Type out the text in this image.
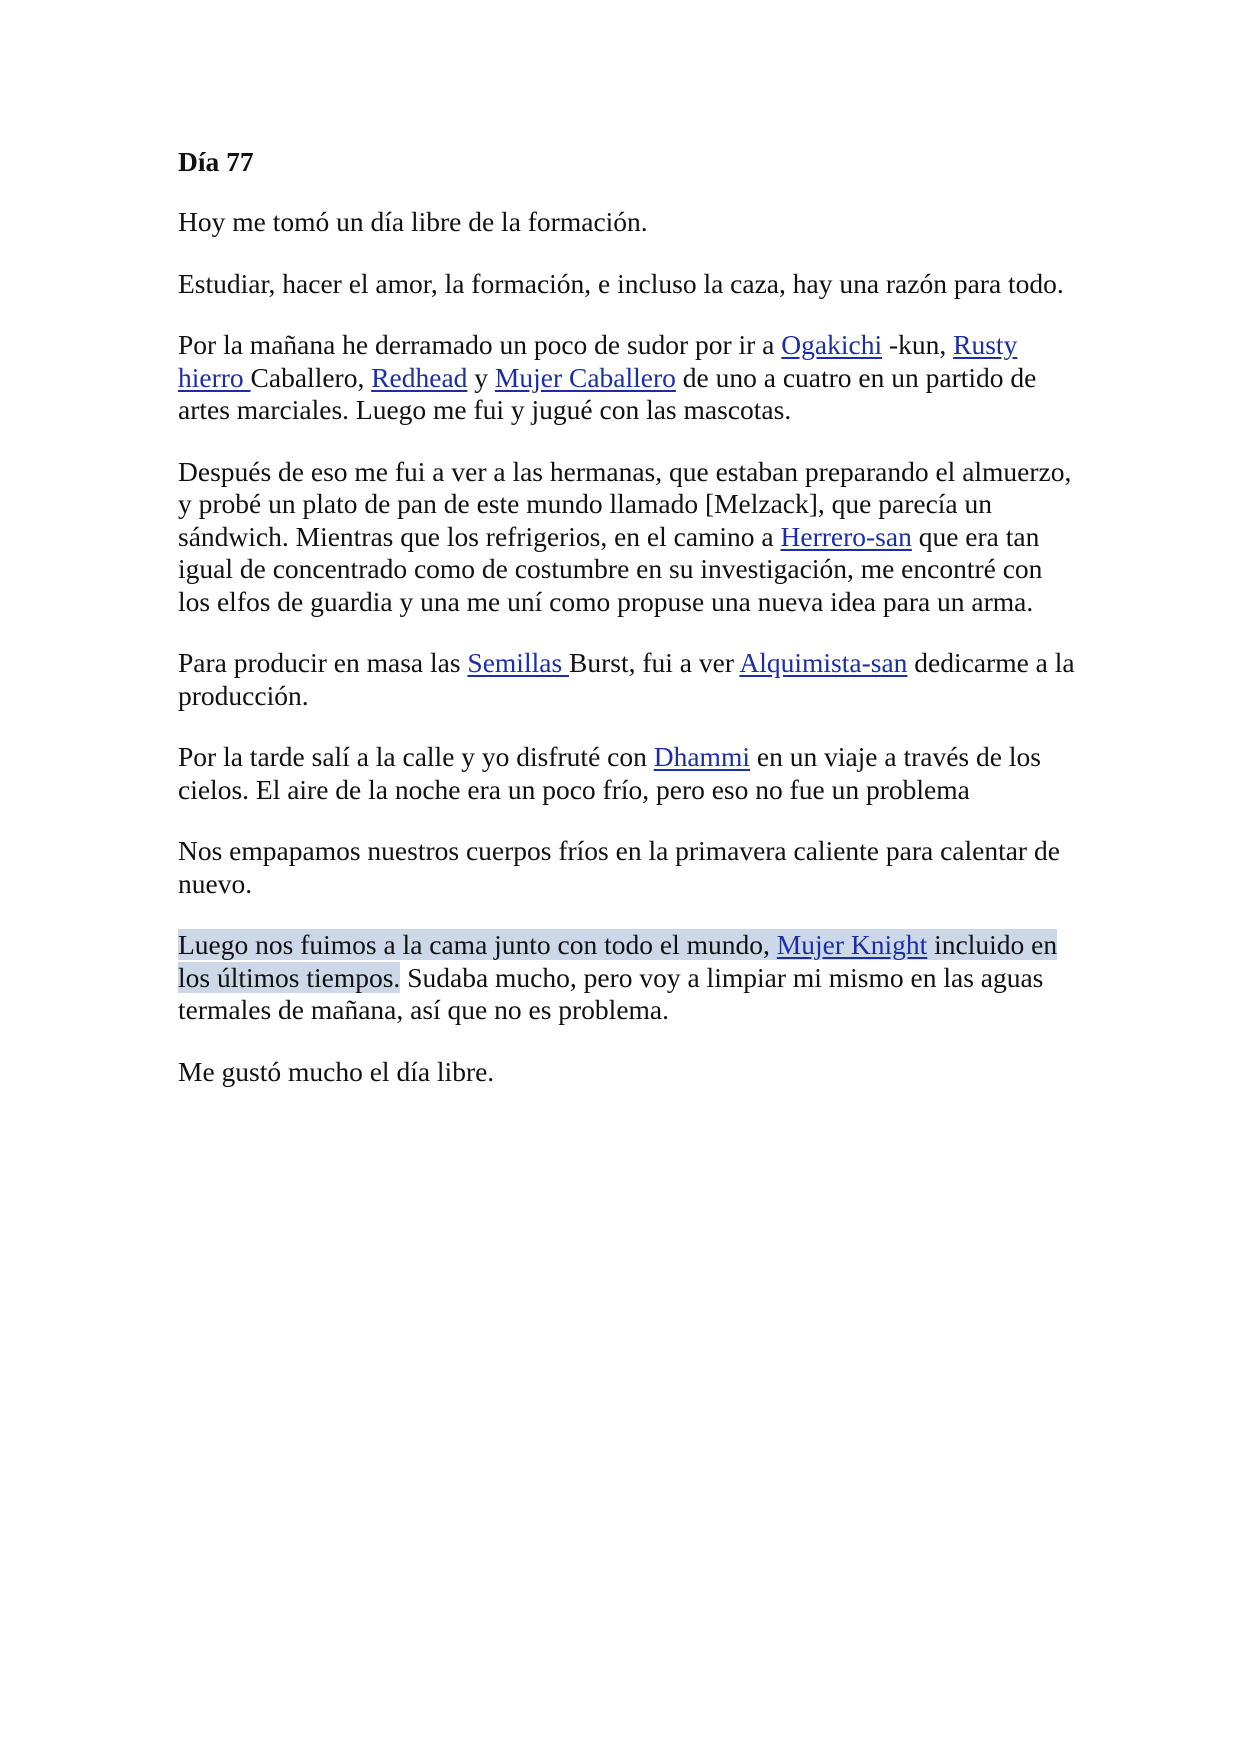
Día 77

Hoy me tomó un día libre de la formación.

Estudiar, hacer el amor, la formación, e incluso la caza, hay una razón para todo.

Por la mañana he derramado un poco de sudor por ir a Ogakichi -kun, Rusty hierro Caballero, Redhead y Mujer Caballero de uno a cuatro en un partido de artes marciales. Luego me fui y jugué con las mascotas.

Después de eso me fui a ver a las hermanas, que estaban preparando el almuerzo, y probé un plato de pan de este mundo llamado [Melzack], que parecía un sándwich. Mientras que los refrigerios, en el camino a Herrero-san que era tan igual de concentrado como de costumbre en su investigación, me encontré con los elfos de guardia y una me uní como propuse una nueva idea para un arma.

Para producir en masa las Semillas Burst, fui a ver Alquimista-san dedicarme a la producción.

Por la tarde salí a la calle y yo disfruté con Dhammi en un viaje a través de los cielos. El aire de la noche era un poco frío, pero eso no fue un problema

Nos empapamos nuestros cuerpos fríos en la primavera caliente para calentar de nuevo.

Luego nos fuimos a la cama junto con todo el mundo, Mujer Knight incluido en los últimos tiempos. Sudaba mucho, pero voy a limpiar mi mismo en las aguas termales de mañana, así que no es problema.

Me gustó mucho el día libre.
